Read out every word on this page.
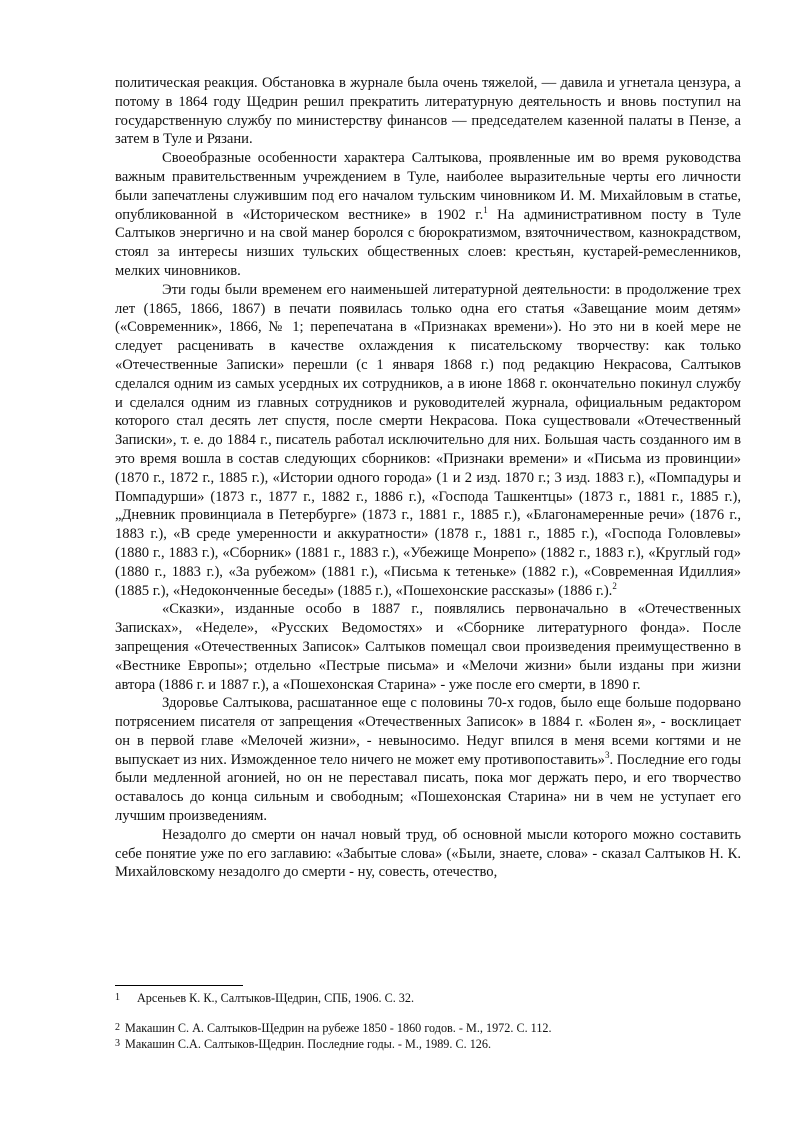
политическая реакция. Обстановка в журнале была очень тяжелой, — давила и угнетала цензура, а потому в 1864 году Щедрин решил прекратить литературную деятельность и вновь поступил на государственную службу по министерству финансов — председателем казенной палаты в Пензе, а затем в Туле и Рязани.

Своеобразные особенности характера Салтыкова, проявленные им во время руководства важным правительственным учреждением в Туле, наиболее выразительные черты его личности были запечатлены служившим под его началом тульским чиновником И. М. Михайловым в статье, опубликованной в «Историческом вестнике» в 1902 г.$^1$ На административном посту в Туле Салтыков энергично и на свой манер боролся с бюрократизмом, взяточничеством, казнокрадством, стоял за интересы низших тульских общественных слоев: крестьян, кустарей-ремесленников, мелких чиновников.

Эти годы были временем его наименьшей литературной деятельности: в продолжение трех лет (1865, 1866, 1867) в печати появилась только одна его статья «Завещание моим детям» («Современник», 1866, № 1; перепечатана в «Признаках времени»). Но это ни в коей мере не следует расценивать в качестве охлаждения к писательскому творчеству: как только «Отечественные Записки» перешли (с 1 января 1868 г.) под редакцию Некрасова, Салтыков сделался одним из самых усердных их сотрудников, а в июне 1868 г. окончательно покинул службу и сделался одним из главных сотрудников и руководителей журнала, официальным редактором которого стал десять лет спустя, после смерти Некрасова. Пока существовали «Отечественный Записки», т. е. до 1884 г., писатель работал исключительно для них. Большая часть созданного им в это время вошла в состав следующих сборников: «Признаки времени» и «Письма из провинции» (1870 г., 1872 г., 1885 г.), «Истории одного города» (1 и 2 изд. 1870 г.; 3 изд. 1883 г.), «Помпадуры и Помпадурши» (1873 г., 1877 г., 1882 г., 1886 г.), «Господа Ташкентцы» (1873 г., 1881 г., 1885 г.), „Дневник провинциала в Петербурге» (1873 г., 1881 г., 1885 г.), «Благонамеренные речи» (1876 г., 1883 г.), «В среде умеренности и аккуратности» (1878 г., 1881 г., 1885 г.), «Господа Головлевы» (1880 г., 1883 г.), «Сборник» (1881 г., 1883 г.), «Убежище Монрепо» (1882 г., 1883 г.), «Круглый год» (1880 г., 1883 г.), «За рубежом» (1881 г.), «Письма к тетеньке» (1882 г.), «Современная Идиллия» (1885 г.), «Недоконченные беседы» (1885 г.), «Пошехонские рассказы» (1886 г.).$^2$

«Сказки», изданные особо в 1887 г., появлялись первоначально в «Отечественных Записках», «Неделе», «Русских Ведомостях» и «Сборнике литературного фонда». После запрещения «Отечественных Записок» Салтыков помещал свои произведения преимущественно в «Вестнике Европы»; отдельно «Пестрые письма» и «Мелочи жизни» были изданы при жизни автора (1886 г. и 1887 г.), а «Пошехонская Старина» - уже после его смерти, в 1890 г.

Здоровье Салтыкова, расшатанное еще с половины 70-х годов, было еще больше подорвано потрясением писателя от запрещения «Отечественных Записок» в 1884 г. «Болен я», - восклицает он в первой главе «Мелочей жизни», - невыносимо. Недуг впился в меня всеми когтями и не выпускает из них. Изможденное тело ничего не может ему противопоставить»$^3$. Последние его годы были медленной агонией, но он не переставал писать, пока мог держать перо, и его творчество оставалось до конца сильным и свободным; «Пошехонская Старина» ни в чем не уступает его лучшим произведениям.

Незадолго до смерти он начал новый труд, об основной мысли которого можно составить себе понятие уже по его заглавию: «Забытые слова» («Были, знаете, слова» - сказал Салтыков Н. К. Михайловскому незадолго до смерти - ну, совесть, отечество,

1 Арсеньев К. К., Салтыков-Щедрин, СПБ, 1906. С. 32.

2 Макашин С. А. Салтыков-Щедрин на рубеже 1850 - 1860 годов. - М., 1972. С. 112.

3 Макашин С.А. Салтыков-Щедрин. Последние годы. - М., 1989. С. 126.
